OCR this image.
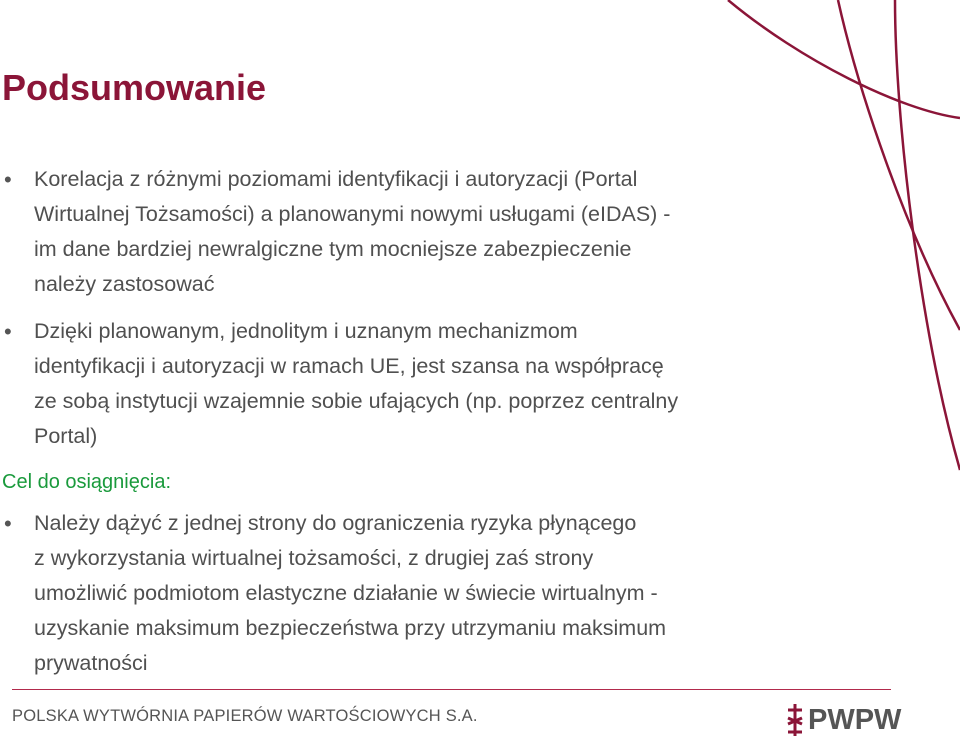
Podsumowanie
• Korelacja z różnymi poziomami identyfikacji i autoryzacji (Portal

Wirtualnej Tożsamości) a planowanymi nowymi usługami (eIDAS) -

im dane bardziej newralgiczne tym mocniejsze zabezpieczenie

należy zastosować

• Dzięki planowanym, jednolitym i uznanym mechanizmom

identyfikacji i autoryzacji w ramach UE, jest szansa na współpracę

ze sobą instytucji wzajemnie sobie ufających (np. poprzez centralny

Portal)

Cel do osiągnięcia:

• Należy dążyć z jednej strony do ograniczenia ryzyka płynącego

z wykorzystania wirtualnej tożsamości, z drugiej zaś strony

umożliwić podmiotom elastyczne działanie w świecie wirtualnym -

uzyskanie maksimum bezpieczeństwa przy utrzymaniu maksimum

prywatności

POLSKA WYTWÓRNIA PAPIERÓW WARTOŚCIOWYCH S.A.	PWPW
